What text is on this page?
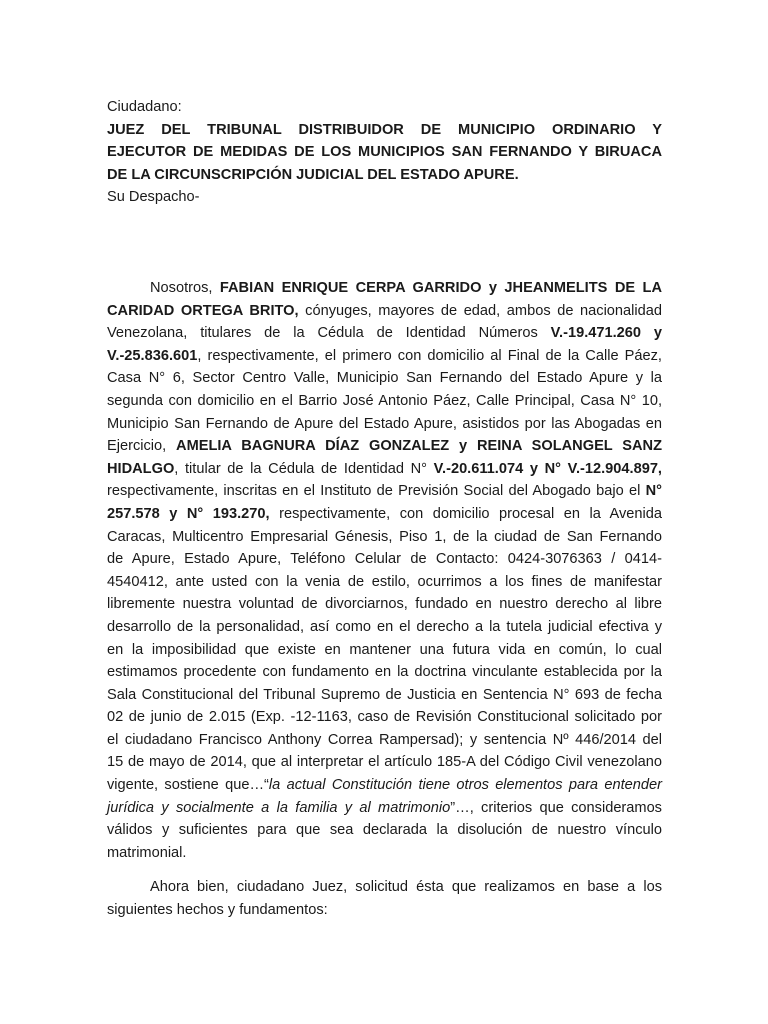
Ciudadano:
JUEZ DEL TRIBUNAL DISTRIBUIDOR DE MUNICIPIO ORDINARIO Y
EJECUTOR DE MEDIDAS DE LOS MUNICIPIOS SAN FERNANDO Y BIRUACA
DE LA CIRCUNSCRIPCIÓN JUDICIAL DEL ESTADO APURE.
Su Despacho-
Nosotros, FABIAN ENRIQUE CERPA GARRIDO y JHEANMELITS DE LA
CARIDAD ORTEGA BRITO, cónyuges, mayores de edad, ambos de nacionalidad
Venezolana, titulares de la Cédula de Identidad Números V.-19.471.260 y
V.-25.836.601, respectivamente, el primero con domicilio al Final de la Calle Páez,
Casa N° 6, Sector Centro Valle, Municipio San Fernando del Estado Apure y la
segunda con domicilio en el Barrio José Antonio Páez, Calle Principal, Casa N° 10,
Municipio San Fernando de Apure del Estado Apure, asistidos por las Abogadas en
Ejercicio, AMELIA BAGNURA DÍAZ GONZALEZ y REINA SOLANGEL SANZ
HIDALGO, titular de la Cédula de Identidad N° V.-20.611.074 y N° V.-12.904.897,
respectivamente, inscritas en el Instituto de Previsión Social del Abogado bajo el N°
257.578 y N° 193.270, respectivamente, con domicilio procesal en la Avenida
Caracas, Multicentro Empresarial Génesis, Piso 1, de la ciudad de San Fernando
de Apure, Estado Apure, Teléfono Celular de Contacto: 0424-3076363 / 0414-
4540412, ante usted con la venia de estilo, ocurrimos a los fines de manifestar
libremente nuestra voluntad de divorciarnos, fundado en nuestro derecho al libre
desarrollo de la personalidad, así como en el derecho a la tutela judicial efectiva y
en la imposibilidad que existe en mantener una futura vida en común, lo cual
estimamos procedente con fundamento en la doctrina vinculante establecida por la
Sala Constitucional del Tribunal Supremo de Justicia en Sentencia N° 693 de fecha
02 de junio de 2.015 (Exp. -12-1163, caso de Revisión Constitucional solicitado por
el ciudadano Francisco Anthony Correa Rampersad); y sentencia Nº 446/2014 del
15 de mayo de 2014, que al interpretar el artículo 185-A del Código Civil venezolano
vigente, sostiene que…“la actual Constitución tiene otros elementos para entender
jurídica y socialmente a la familia y al matrimonio”…, criterios que consideramos
válidos y suficientes para que sea declarada la disolución de nuestro vínculo
matrimonial.
Ahora bien, ciudadano Juez, solicitud ésta que realizamos en base a los
siguientes hechos y fundamentos:
